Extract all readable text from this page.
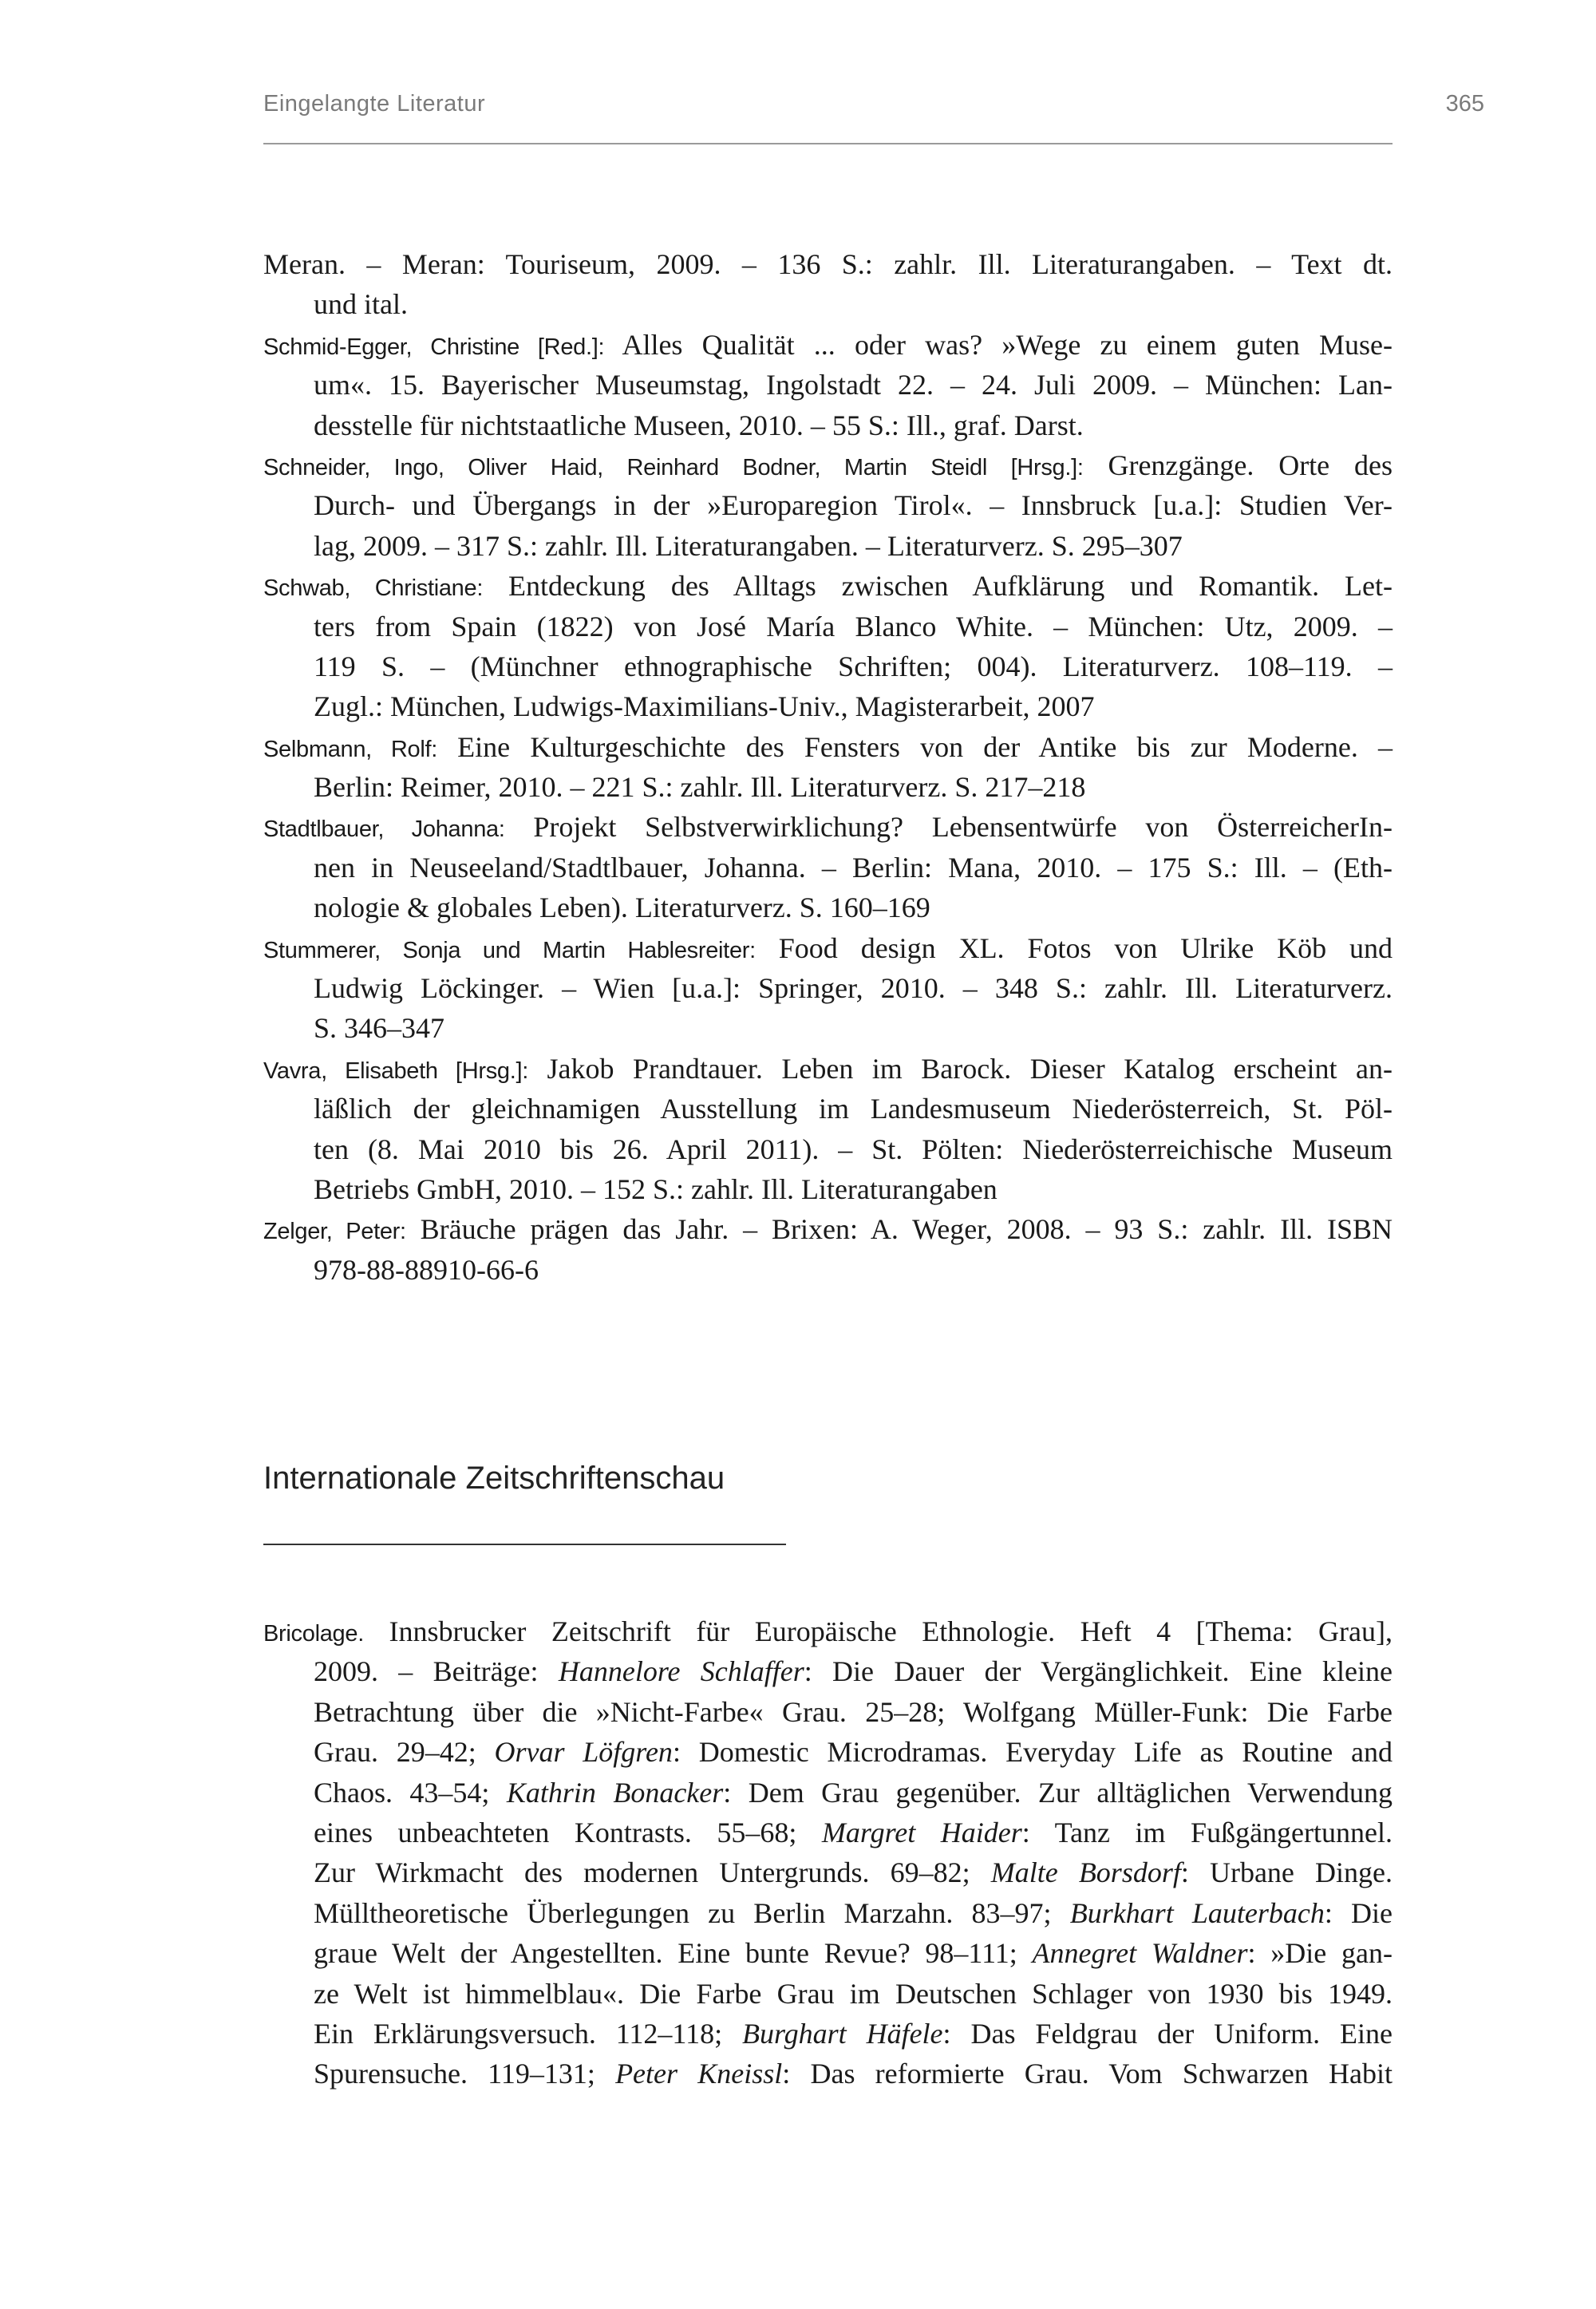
Eingelangte Literatur	365
Meran. – Meran: Touriseum, 2009. – 136 S.: zahlr. Ill. Literaturangaben. – Text dt.
und ital.
Schmid-Egger, Christine [Red.]: Alles Qualität ... oder was? »Wege zu einem guten Muse-
um«. 15. Bayerischer Museumstag, Ingolstadt 22. – 24. Juli 2009. – München: Lan-
desstelle für nichtstaatliche Museen, 2010. – 55 S.: Ill., graf. Darst.
Schneider, Ingo, Oliver Haid, Reinhard Bodner, Martin Steidl [Hrsg.]: Grenzgänge. Orte des
Durch- und Übergangs in der »Europaregion Tirol«. – Innsbruck [u.a.]: Studien Ver-
lag, 2009. – 317 S.: zahlr. Ill. Literaturangaben. – Literaturverz. S. 295–307
Schwab, Christiane: Entdeckung des Alltags zwischen Aufklärung und Romantik. Let-
ters from Spain (1822) von José María Blanco White. – München: Utz, 2009. –
119 S. – (Münchner ethnographische Schriften; 004). Literaturverz. 108–119. –
Zugl.: München, Ludwigs-Maximilians-Univ., Magisterarbeit, 2007
Selbmann, Rolf: Eine Kulturgeschichte des Fensters von der Antike bis zur Moderne. –
Berlin: Reimer, 2010. – 221 S.: zahlr. Ill. Literaturverz. S. 217–218
Stadtlbauer, Johanna: Projekt Selbstverwirklichung? Lebensentwürfe von ÖsterreicherIn-
nen in Neuseeland/Stadtlbauer, Johanna. – Berlin: Mana, 2010. – 175 S.: Ill. – (Eth-
nologie & globales Leben). Literaturverz. S. 160–169
Stummerer, Sonja und Martin Hablesreiter: Food design XL. Fotos von Ulrike Köb und
Ludwig Löckinger. – Wien [u.a.]: Springer, 2010. – 348 S.: zahlr. Ill. Literaturverz.
S. 346–347
Vavra, Elisabeth [Hrsg.]: Jakob Prandtauer. Leben im Barock. Dieser Katalog erscheint an-
läßlich der gleichnamigen Ausstellung im Landesmuseum Niederösterreich, St. Pöl-
ten (8. Mai 2010 bis 26. April 2011). – St. Pölten: Niederösterreichische Museum
Betriebs GmbH, 2010. – 152 S.: zahlr. Ill. Literaturangaben
Zelger, Peter: Bräuche prägen das Jahr. – Brixen: A. Weger, 2008. – 93 S.: zahlr. Ill. ISBN
978-88-88910-66-6
Internationale Zeitschriftenschau
Bricolage. Innsbrucker Zeitschrift für Europäische Ethnologie. Heft 4 [Thema: Grau],
2009. – Beiträge: Hannelore Schlaffer: Die Dauer der Vergänglichkeit. Eine kleine
Betrachtung über die »Nicht-Farbe« Grau. 25–28; Wolfgang Müller-Funk: Die Farbe
Grau. 29–42; Orvar Löfgren: Domestic Microdramas. Everyday Life as Routine and
Chaos. 43–54; Kathrin Bonacker: Dem Grau gegenüber. Zur alltäglichen Verwendung
eines unbeachteten Kontrasts. 55–68; Margret Haider: Tanz im Fußgängertunnel.
Zur Wirkmacht des modernen Untergrunds. 69–82; Malte Borsdorf: Urbane Dinge.
Mülltheoretische Überlegungen zu Berlin Marzahn. 83–97; Burkhart Lauterbach: Die
graue Welt der Angestellten. Eine bunte Revue? 98–111; Annegret Waldner: »Die gan-
ze Welt ist himmelblau«. Die Farbe Grau im Deutschen Schlager von 1930 bis 1949.
Ein Erklärungsversuch. 112–118; Burghart Häfele: Das Feldgrau der Uniform. Eine
Spurensuche. 119–131; Peter Kneissl: Das reformierte Grau. Vom Schwarzen Habit
